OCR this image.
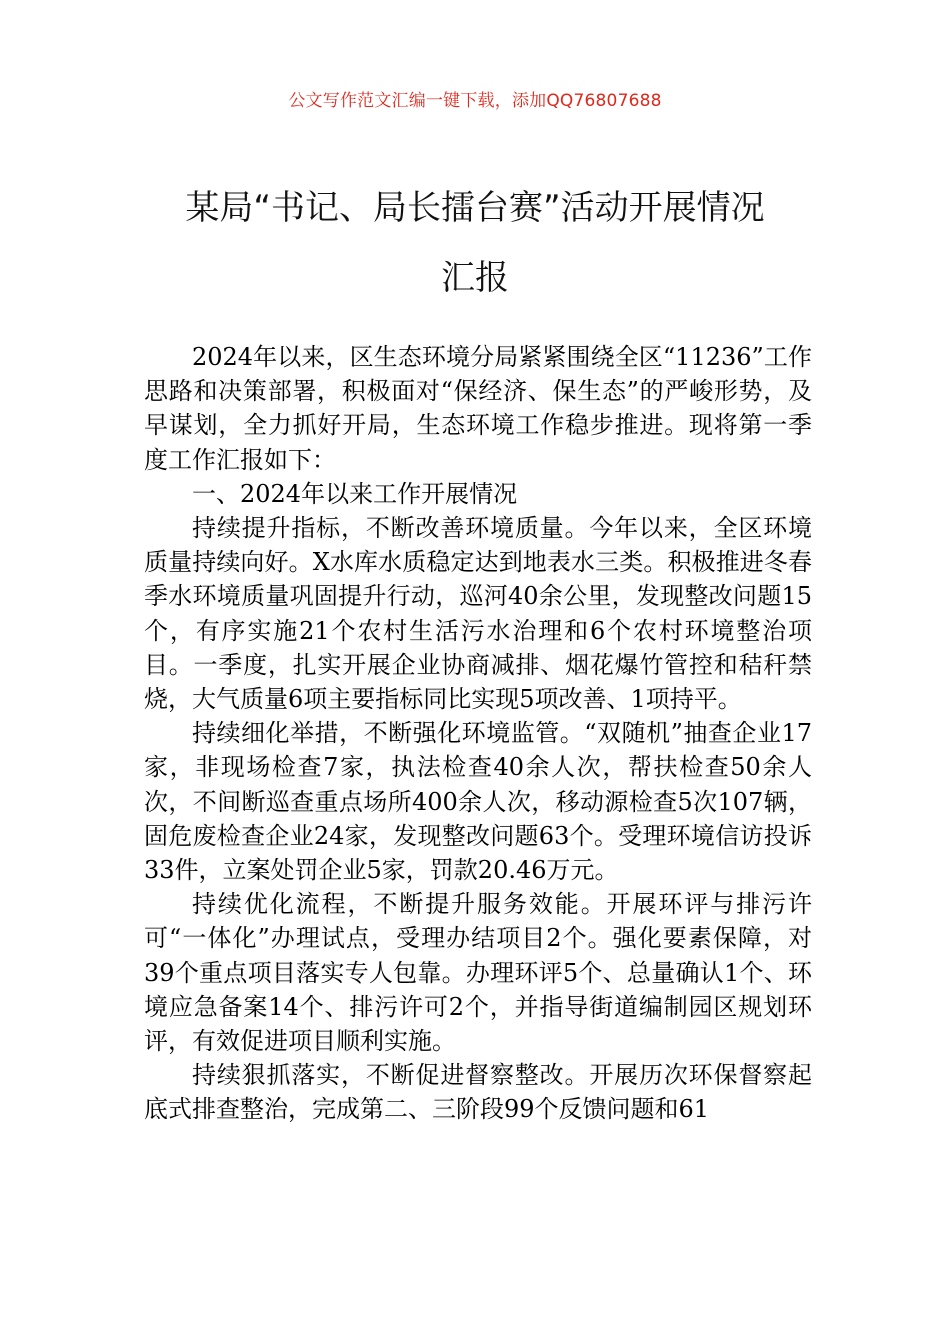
公文写作范文汇编一键下载，添加QQ76807688
某局“书记、局长擂台赛”活动开展情况
汇报

2024年以来，区生态环境分局紧紧围绕全区“11236”工作思路和决策部署，积极面对“保经济、保生态”的严峻形势，及早谋划，全力抓好开局，生态环境工作稳步推进。现将第一季度工作汇报如下：

一、2024年以来工作开展情况

持续提升指标，不断改善环境质量。今年以来，全区环境质量持续向好。X水库水质稳定达到地表水三类。积极推进冬春季水环境质量巩固提升行动，巡河40余公里，发现整改问题15个，有序实施21个农村生活污水治理和6个农村环境整治项目。一季度，扎实开展企业协商减排、烟花爆竹管控和秸秆禁烧，大气质量6项主要指标同比实现5项改善、1项持平。

持续细化举措，不断强化环境监管。“双随机”抽查企业17家，非现场检查7家，执法检查40余人次，帮扶检查50余人次，不间断巡查重点场所400余人次，移动源检查5次107辆，固危废检查企业24家，发现整改问题63个。受理环境信访投诉33件，立案处罚企业5家，罚款20.46万元。

持续优化流程，不断提升服务效能。开展环评与排污许可“一体化”办理试点，受理办结项目2个。强化要素保障，对39个重点项目落实专人包靠。办理环评5个、总量确认1个、环境应急备案14个、排污许可2个，并指导街道编制园区规划环评，有效促进项目顺利实施。

持续狠抓落实，不断促进督察整改。开展历次环保督察起底式排查整治，完成第二、三阶段99个反馈问题和61
